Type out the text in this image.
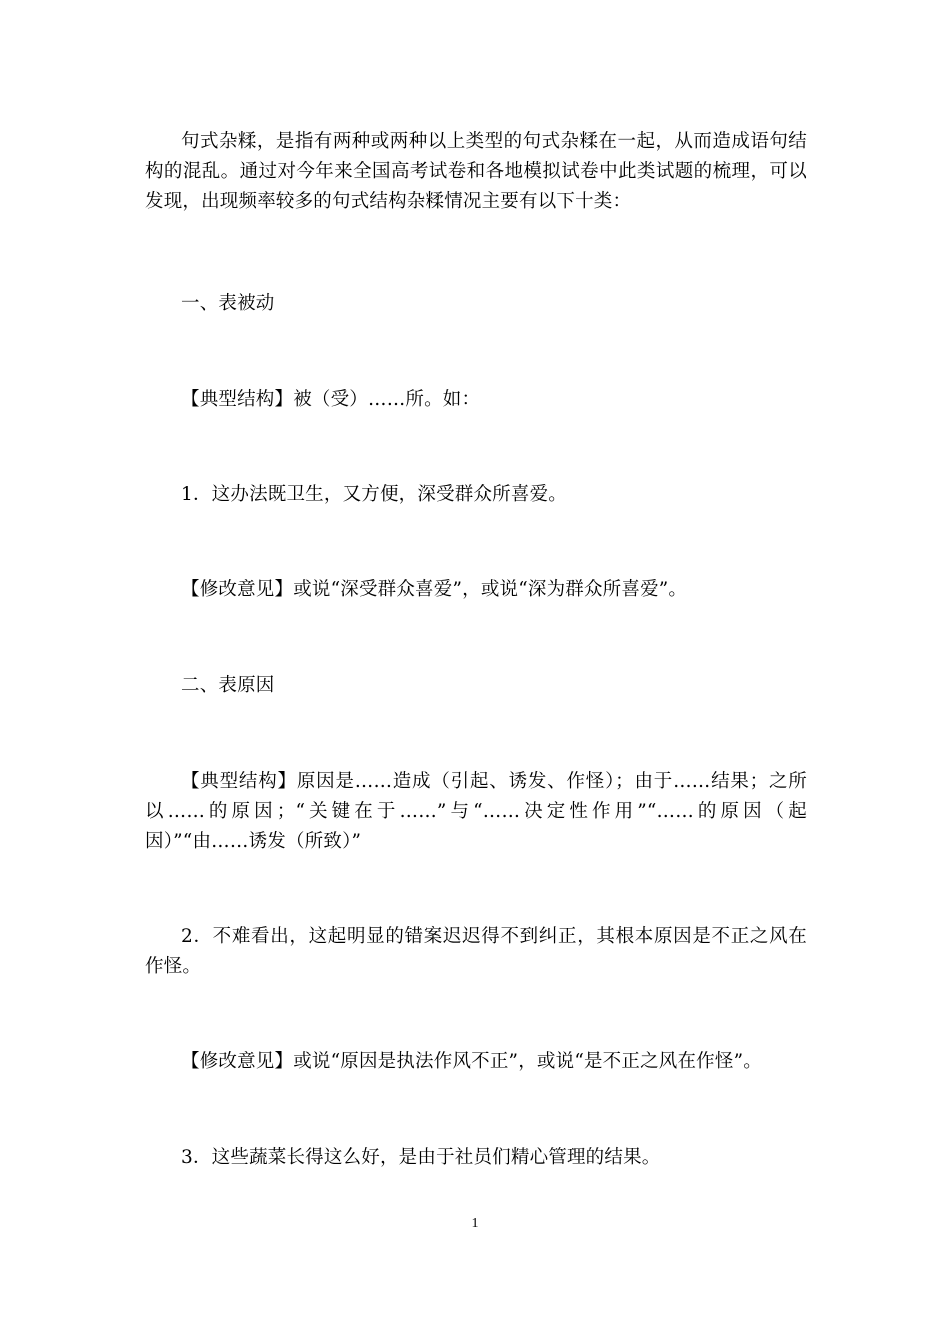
句式杂糅，是指有两种或两种以上类型的句式杂糅在一起，从而造成语句结构的混乱。通过对今年来全国高考试卷和各地模拟试卷中此类试题的梳理，可以发现，出现频率较多的句式结构杂糅情况主要有以下十类：

一、表被动

【典型结构】被（受）……所。如：

1．这办法既卫生，又方便，深受群众所喜爱。

【修改意见】或说“深受群众喜爱”，或说“深为群众所喜爱”。

二、表原因

【典型结构】原因是……造成（引起、诱发、作怪）；由于……结果；之所以……的原因；“关键在于……”与“……决定性作用”“……的原因（起因）”“由……诱发（所致）”

2．不难看出，这起明显的错案迟迟得不到纠正，其根本原因是不正之风在作怪。

【修改意见】或说“原因是执法作风不正”，或说“是不正之风在作怪”。

3．这些蔬菜长得这么好，是由于社员们精心管理的结果。

1
